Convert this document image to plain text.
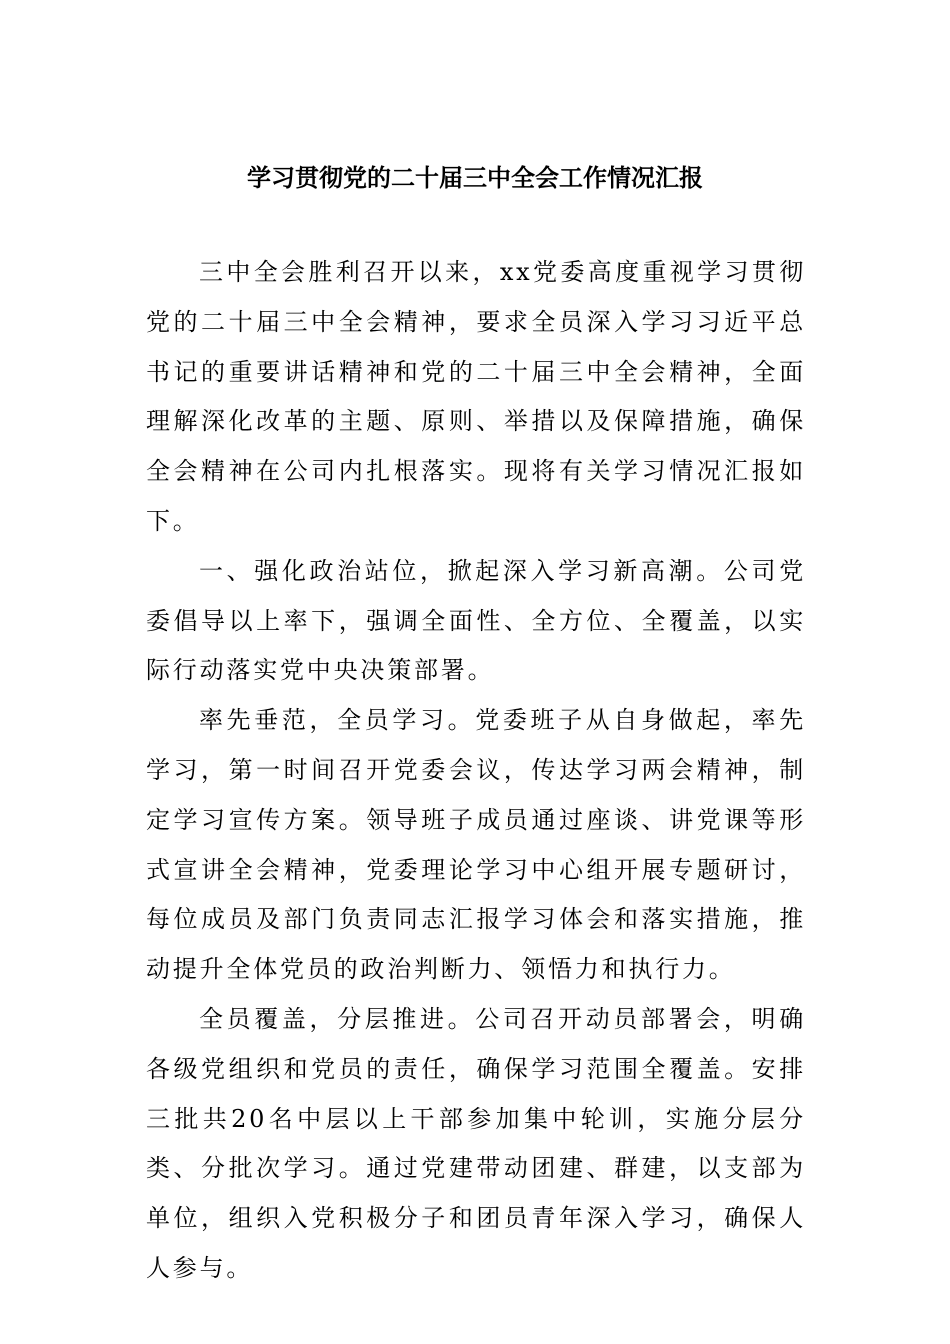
学习贯彻党的二十届三中全会工作情况汇报

三中全会胜利召开以来，xx党委高度重视学习贯彻党的二十届三中全会精神，要求全员深入学习习近平总书记的重要讲话精神和党的二十届三中全会精神，全面理解深化改革的主题、原则、举措以及保障措施，确保全会精神在公司内扎根落实。现将有关学习情况汇报如下。

一、强化政治站位，掀起深入学习新高潮。公司党委倡导以上率下，强调全面性、全方位、全覆盖，以实际行动落实党中央决策部署。

率先垂范，全员学习。党委班子从自身做起，率先学习，第一时间召开党委会议，传达学习两会精神，制定学习宣传方案。领导班子成员通过座谈、讲党课等形式宣讲全会精神，党委理论学习中心组开展专题研讨，每位成员及部门负责同志汇报学习体会和落实措施，推动提升全体党员的政治判断力、领悟力和执行力。

全员覆盖，分层推进。公司召开动员部署会，明确各级党组织和党员的责任，确保学习范围全覆盖。安排三批共20名中层以上干部参加集中轮训，实施分层分类、分批次学习。通过党建带动团建、群建，以支部为单位，组织入党积极分子和团员青年深入学习，确保人人参与。
